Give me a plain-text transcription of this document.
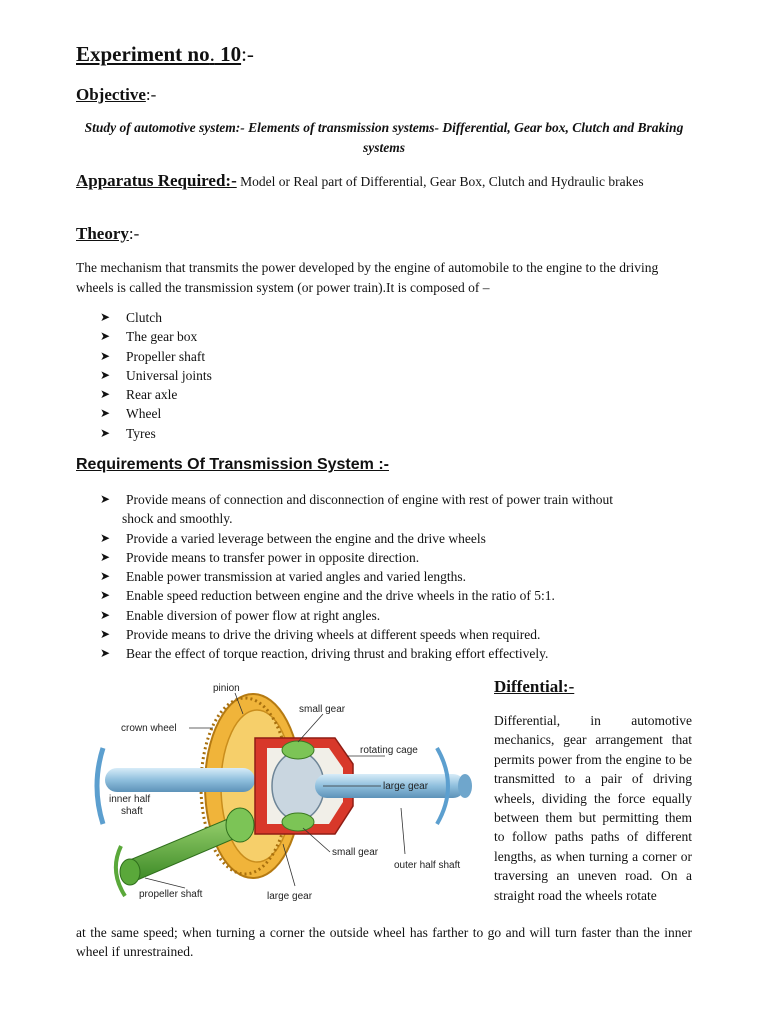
Experiment no. 10:-
Objective:-
Study of automotive system:- Elements of transmission systems- Differential, Gear box, Clutch and Braking systems
Apparatus Required:- Model or Real part of Differential, Gear Box, Clutch and Hydraulic brakes
Theory:-
The mechanism that transmits the power developed by the engine of automobile to the engine to the driving wheels is called the transmission system (or power train).It is composed of –
➤ Clutch
➤ The gear box
➤ Propeller shaft
➤ Universal joints
➤ Rear axle
➤ Wheel
➤ Tyres
Requirements Of Transmission System :-
➤ Provide means of connection and disconnection of engine with rest of power train without
shock and smoothly.
➤ Provide a varied leverage between the engine and the drive wheels
➤ Provide means to transfer power in opposite direction.
➤ Enable power transmission at varied angles and varied lengths.
➤ Enable speed reduction between engine and the drive wheels in the ratio of 5:1.
➤ Enable diversion of power flow at right angles.
➤ Provide means to drive the driving wheels at different speeds when required.
➤ Bear the effect of torque reaction, driving thrust and braking effort effectively.
pinion
small gear
crown wheel
rotating cage
large gear
inner half
shaft
small gear
outer half shaft
propeller shaft	large gear
Diffential:-
Differential, in automotive mechanics, gear arrangement that permits power from the engine to be transmitted to a pair of driving wheels, dividing the force equally between them but permitting them to follow paths paths of different lengths, as when turning a corner or traversing an uneven road. On a straight road the wheels rotate
at the same speed; when turning a corner the outside wheel has farther to go and will turn faster than the inner wheel if unrestrained.
